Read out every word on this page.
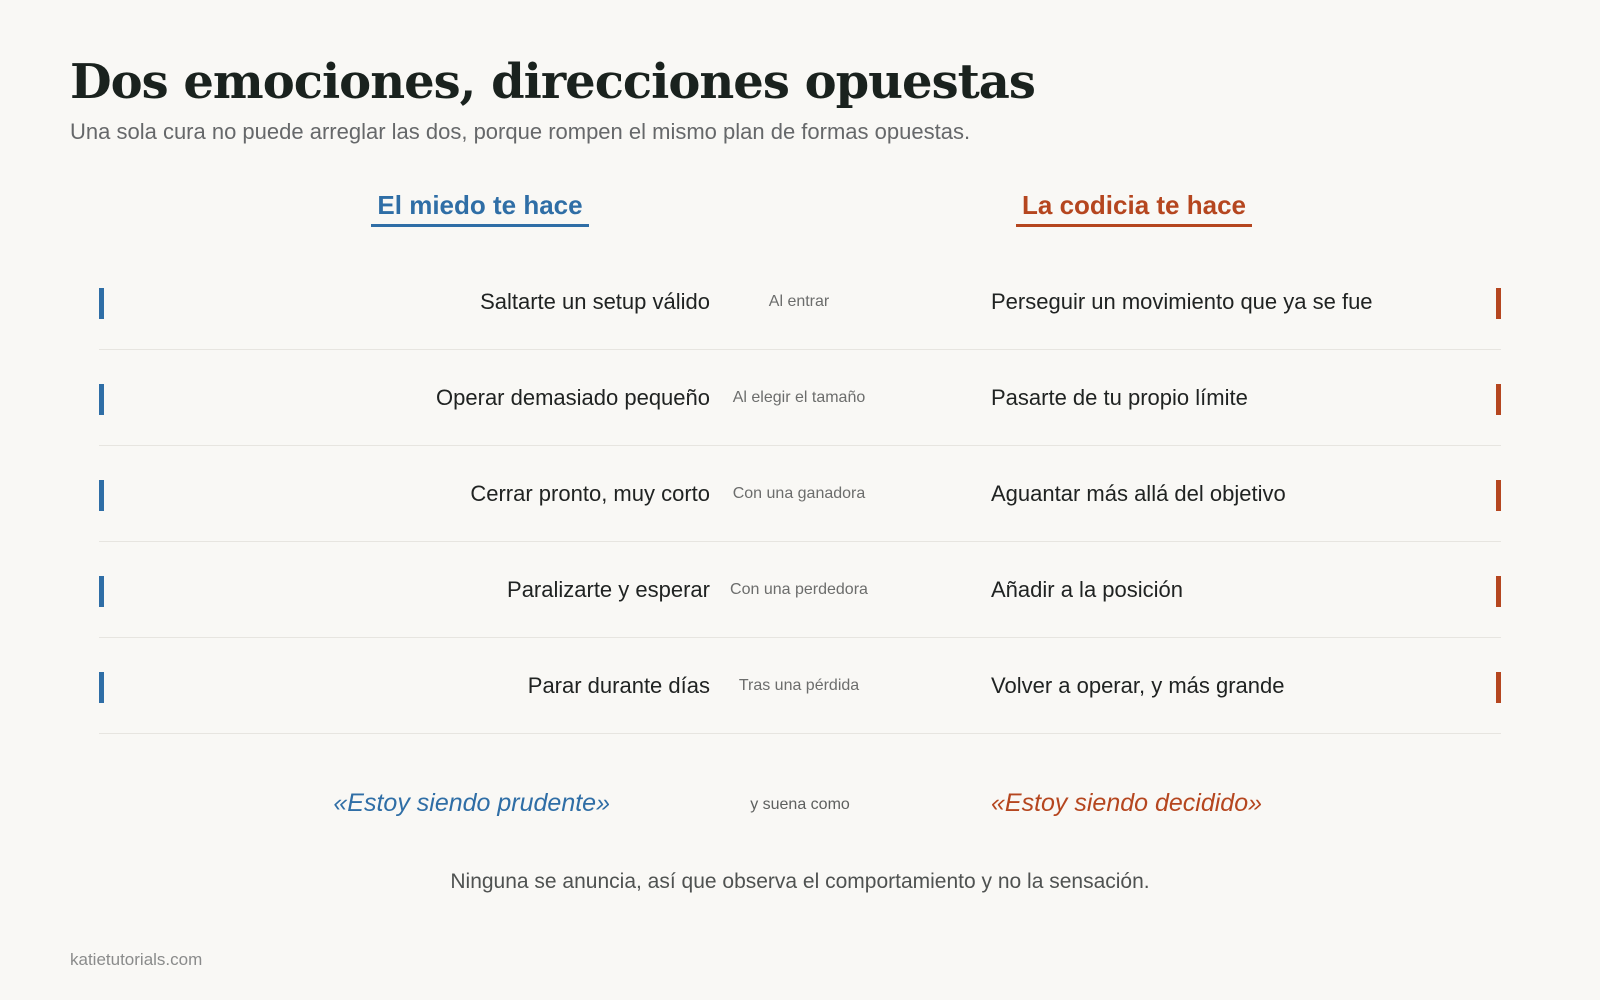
Dos emociones, direcciones opuestas
Una sola cura no puede arreglar las dos, porque rompen el mismo plan de formas opuestas.
El miedo te hace	La codicia te hace
Saltarte un setup válido	Al entrar	Perseguir un movimiento que ya se fue
Operar demasiado pequeño	Al elegir el tamaño	Pasarte de tu propio límite
Cerrar pronto, muy corto	Con una ganadora	Aguantar más allá del objetivo
Paralizarte y esperar	Con una perdedora	Añadir a la posición
Parar durante días	Tras una pérdida	Volver a operar, y más grande
«Estoy siendo prudente»	y suena como	«Estoy siendo decidido»
Ninguna se anuncia, así que observa el comportamiento y no la sensación.
katietutorials.com
